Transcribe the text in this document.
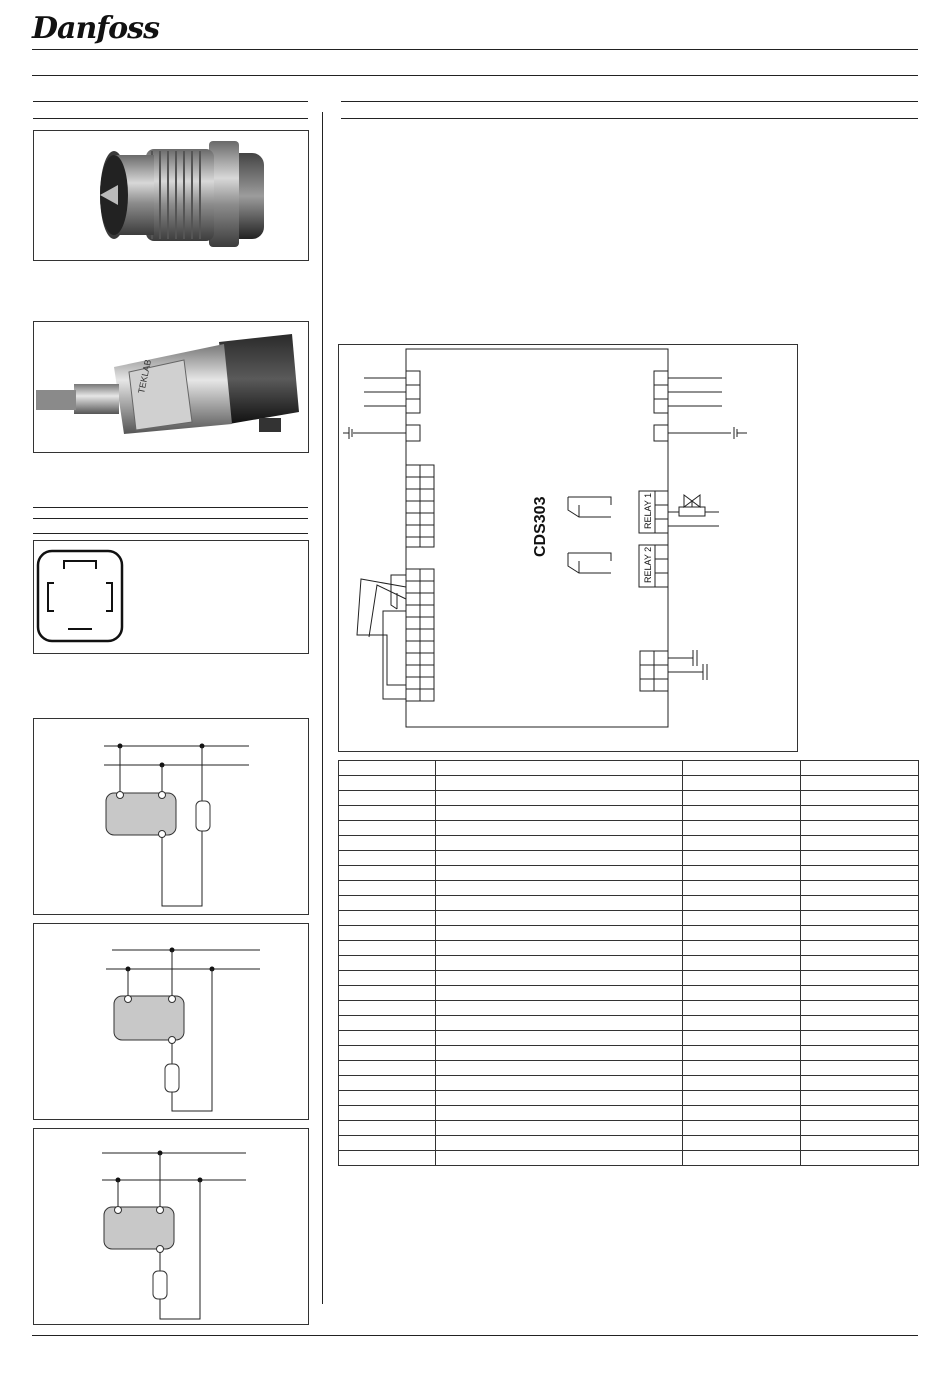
Danfoss
TEKLAB
CDS303	RELAY 1
RELAY 2
